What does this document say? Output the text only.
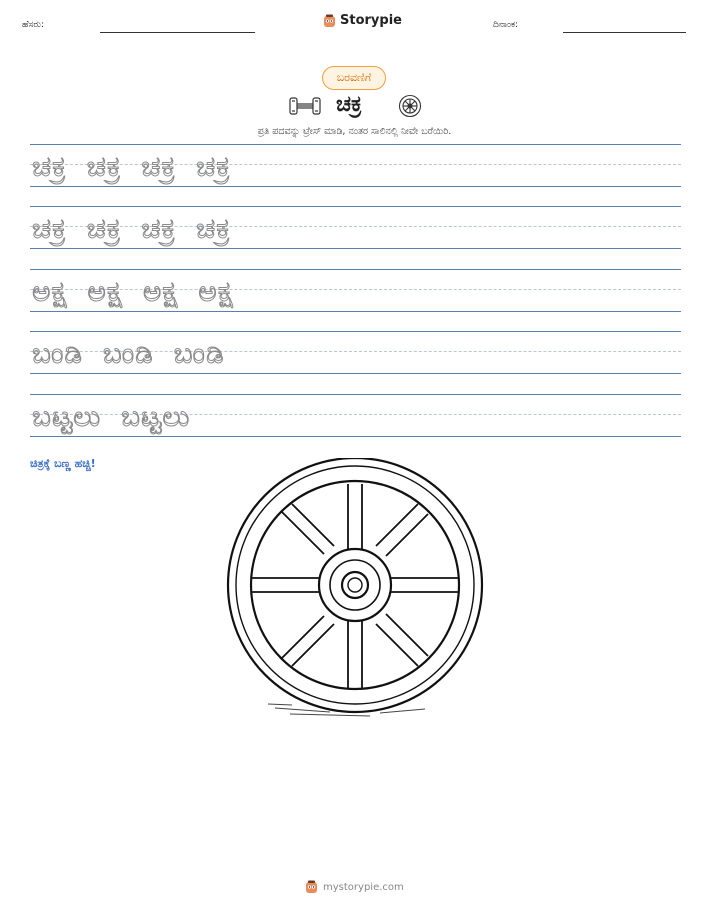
ಹೆಸರು:	Storypie	ದಿನಾಂಕ:
ಬರವಣಿಗೆ
ಚಕ್ರ
ಪ್ರತಿ ಪದವನ್ನು ಟ್ರೇಸ್ ಮಾಡಿ, ನಂತರ ಸಾಲಿನಲ್ಲಿ ನೀವೇ ಬರೆಯಿರಿ.
ಚಕ್ರ  ಚಕ್ರ  ಚಕ್ರ  ಚಕ್ರ
ಚಕ್ರ  ಚಕ್ರ  ಚಕ್ರ  ಚಕ್ರ
ಅಕ್ಷ  ಅಕ್ಷ  ಅಕ್ಷ  ಅಕ್ಷ
ಬಂಡಿ  ಬಂಡಿ  ಬಂಡಿ
ಬಟ್ಟಲು  ಬಟ್ಟಲು
ಚಿತ್ರಕ್ಕೆ ಬಣ್ಣ ಹಚ್ಚಿ!
mystorypie.com
